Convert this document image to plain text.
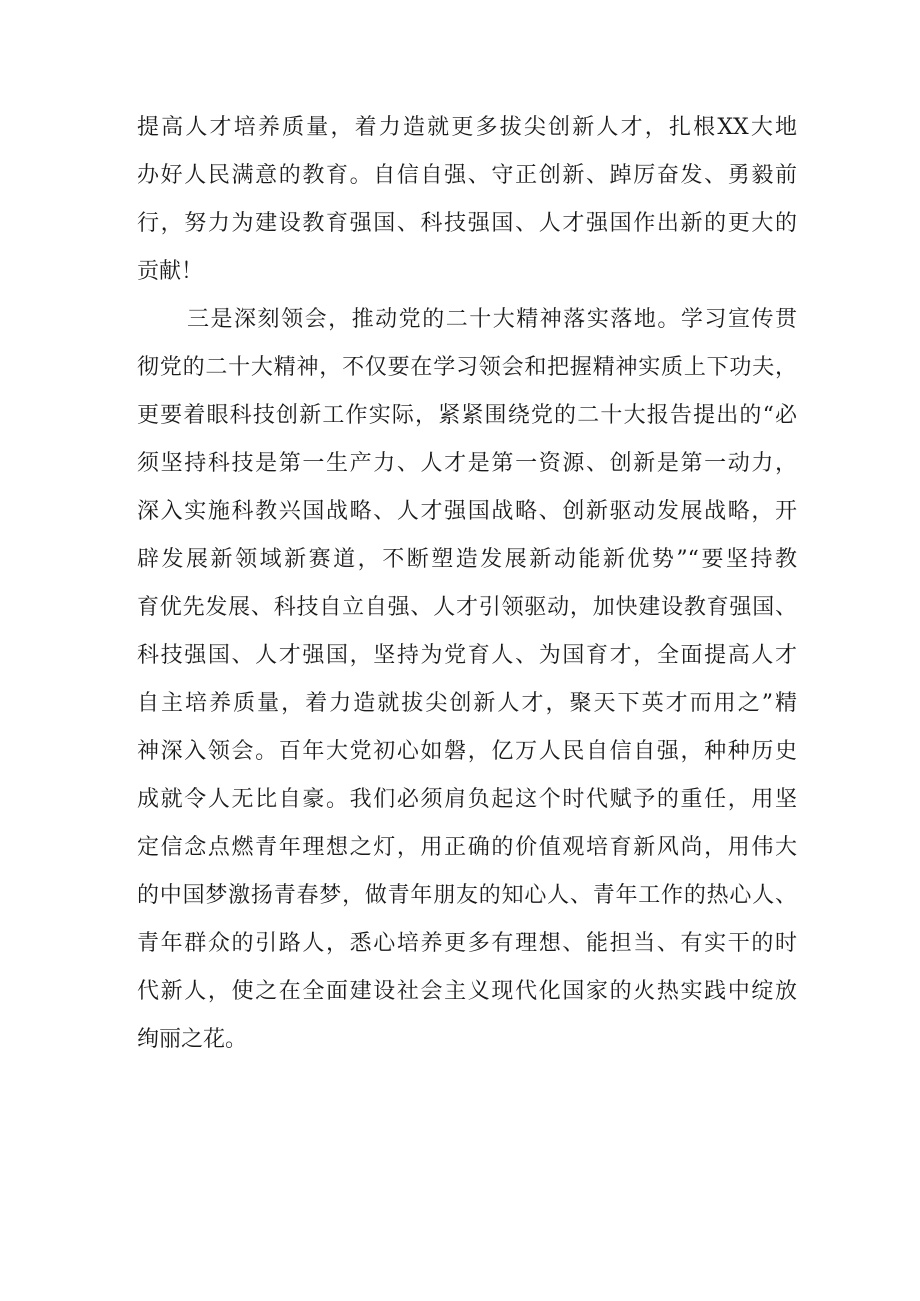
提高人才培养质量，着力造就更多拔尖创新人才，扎根XX大地
办好人民满意的教育。自信自强、守正创新、踔厉奋发、勇毅前
行，努力为建设教育强国、科技强国、人才强国作出新的更大的
贡献！
三是深刻领会，推动党的二十大精神落实落地。学习宣传贯
彻党的二十大精神，不仅要在学习领会和把握精神实质上下功夫，
更要着眼科技创新工作实际，紧紧围绕党的二十大报告提出的“必
须坚持科技是第一生产力、人才是第一资源、创新是第一动力，
深入实施科教兴国战略、人才强国战略、创新驱动发展战略，开
辟发展新领域新赛道，不断塑造发展新动能新优势”“要坚持教
育优先发展、科技自立自强、人才引领驱动，加快建设教育强国、
科技强国、人才强国，坚持为党育人、为国育才，全面提高人才
自主培养质量，着力造就拔尖创新人才，聚天下英才而用之”精
神深入领会。百年大党初心如磐，亿万人民自信自强，种种历史
成就令人无比自豪。我们必须肩负起这个时代赋予的重任，用坚
定信念点燃青年理想之灯，用正确的价值观培育新风尚，用伟大
的中国梦激扬青春梦，做青年朋友的知心人、青年工作的热心人、
青年群众的引路人，悉心培养更多有理想、能担当、有实干的时
代新人，使之在全面建设社会主义现代化国家的火热实践中绽放
绚丽之花。
